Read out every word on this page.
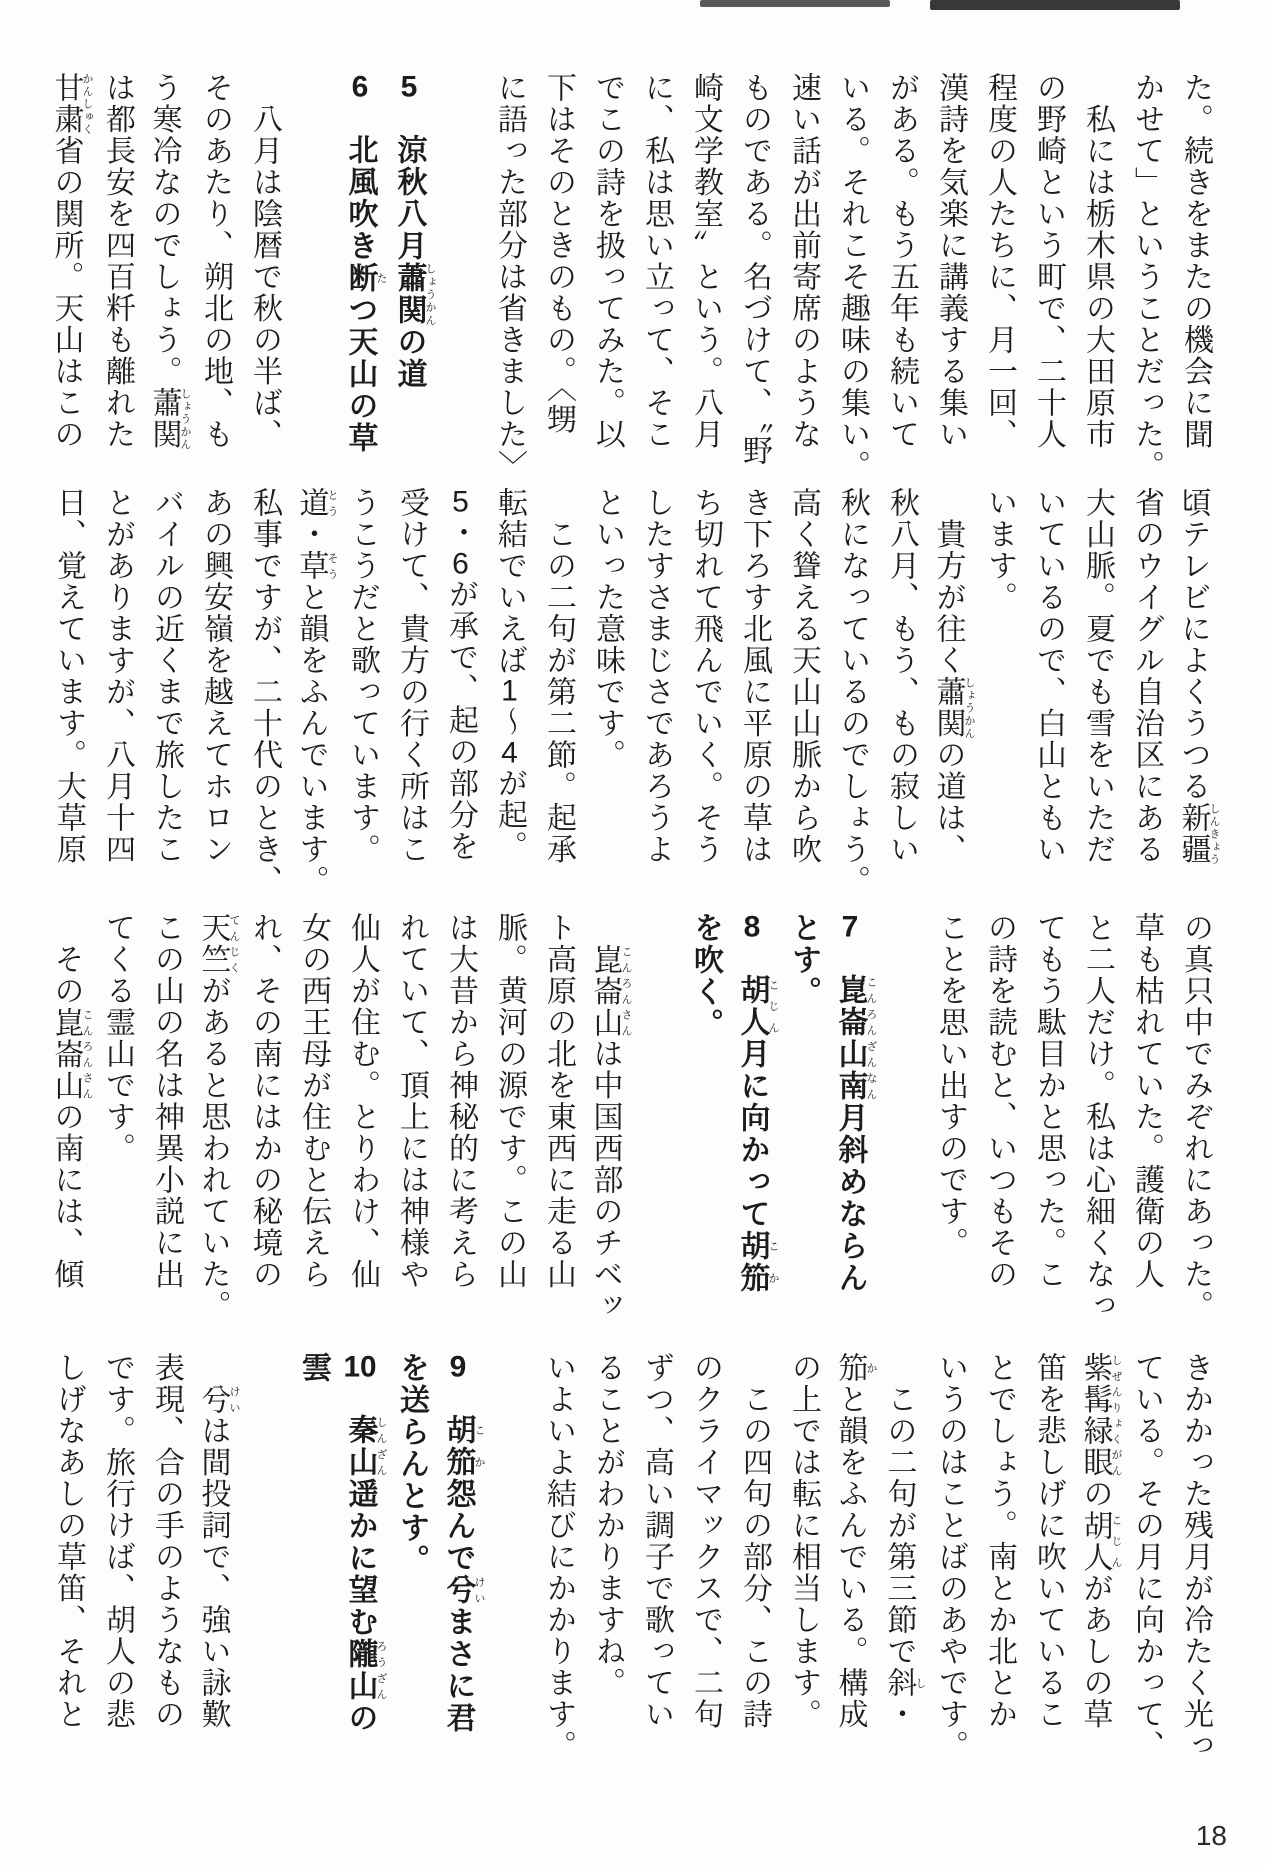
た。続きをまたの機会に聞
かせて」ということだった。
　私には栃木県の大田原市
の野崎という町で、二十人
程度の人たちに、月一回、
漢詩を気楽に講義する集い
がある。もう五年も続いて
いる。それこそ趣味の集い。
速い話が出前寄席のような
ものである。名づけて、〝野
崎文学教室〟という。八月
に、私は思い立って、そこ
でこの詩を扱ってみた。以
下はそのときのもの。〈甥
に語った部分は省きました〉
5　涼秋八月蕭関しょうかんの道
6　北風吹き断たつ天山の草
　八月は陰暦で秋の半ば、
そのあたり、朔北の地、も
う寒冷なのでしょう。蕭関しょうかん
は都長安を四百粁も離れた
甘粛かんしゅく省の関所。天山はこの
頃テレビによくうつる新疆しんきょう
省のウイグル自治区にある
大山脈。夏でも雪をいただ
いているので、白山ともい
います。
　貴方が往く蕭関しょうかんの道は、
秋八月、もう、もの寂しい
秋になっているのでしょう。
高く聳える天山山脈から吹
き下ろす北風に平原の草は
ち切れて飛んでいく。そう
したすさまじさであろうよ
といった意味です。
　この二句が第二節。起承
転結でいえば1～4が起。
5・6が承で、起の部分を
受けて、貴方の行く所はこ
うこうだと歌っています。
道とう・草そうと韻をふんでいます。
私事ですが、二十代のとき、
あの興安嶺を越えてホロン
バイルの近くまで旅したこ
とがありますが、八月十四
日、覚えています。大草原
の真只中でみぞれにあった。
草も枯れていた。護衛の人
と二人だけ。私は心細くなっ
てもう駄目かと思った。こ
の詩を読むと、いつもその
ことを思い出すのです。
7　崑崙山南こんろんざんなん月斜めならん
とす。
8　胡人こじん月に向かって胡笳こか
を吹く。
　崑崙山こんろんさんは中国西部のチベッ
ト高原の北を東西に走る山
脈。黄河の源です。この山
は大昔から神秘的に考えら
れていて、頂上には神様や
仙人が住む。とりわけ、仙
女の西王母が住むと伝えら
れ、その南にはかの秘境の
天竺てんじくがあると思われていた。
この山の名は神異小説に出
てくる霊山です。
　その崑崙山こんろんさんの南には、傾
きかかった残月が冷たく光っ
ている。その月に向かって、
紫髯緑眼しぜんりょくがんの胡人こじんがあしの草
笛を悲しげに吹いているこ
とでしょう。南とか北とか
いうのはことばのあやです。
　この二句が第三節で斜し・
笳かと韻をふんでいる。構成
の上では転に相当します。
　この四句の部分、この詩
のクライマックスで、二句
ずつ、高い調子で歌ってい
ることがわかりますね。
いよいよ結びにかかります。
9　胡笳こか怨んで兮けいまさに君
を送らんとす。
10　秦山しんざん遥かに望む隴山ろうざんの
雲
　兮けいは間投詞で、強い詠歎
表現、合の手のようなもの
です。旅行けば、胡人の悲
しげなあしの草笛、それと
18
